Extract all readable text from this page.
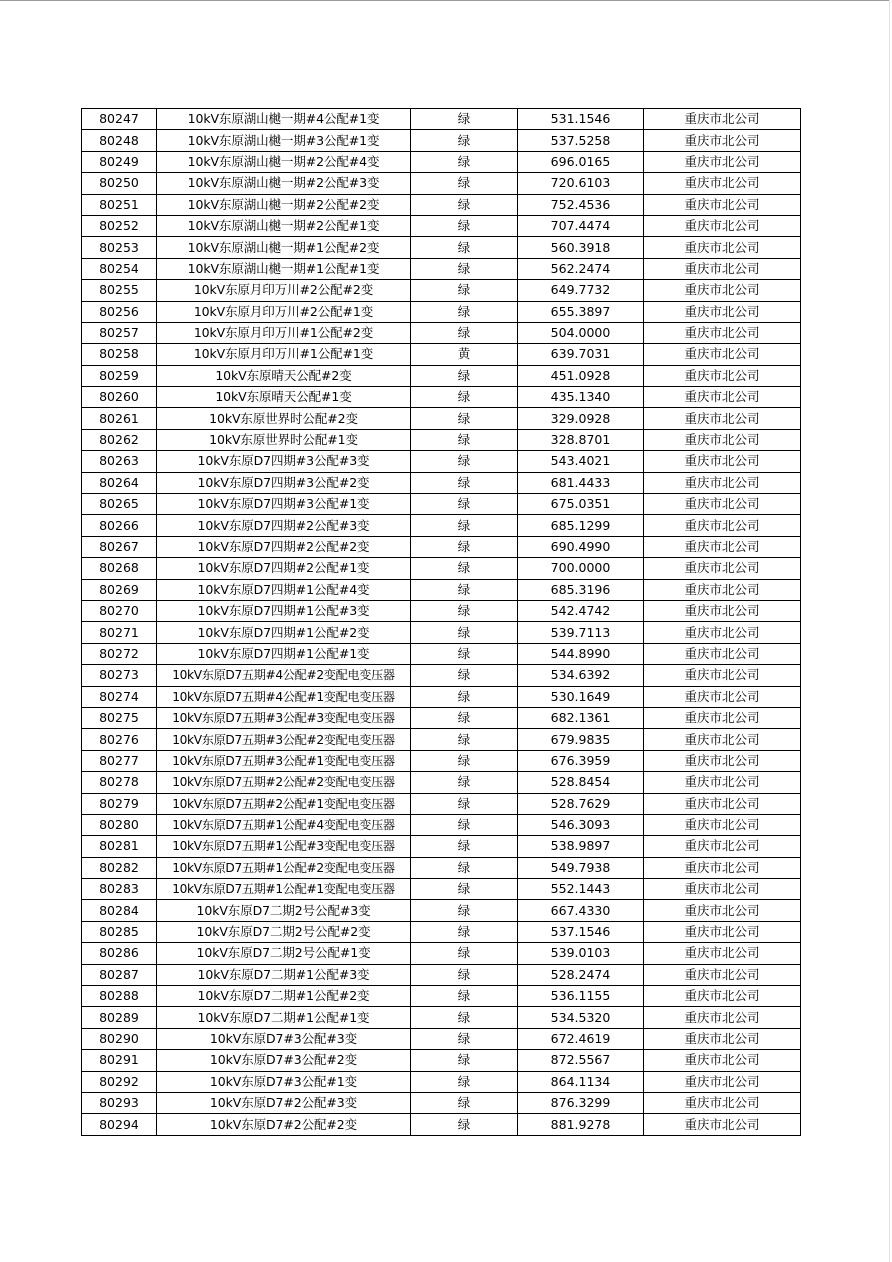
80247	10kV东原湖山樾一期#4公配#1变	绿	531.1546	重庆市北公司
80248	10kV东原湖山樾一期#3公配#1变	绿	537.5258	重庆市北公司
80249	10kV东原湖山樾一期#2公配#4变	绿	696.0165	重庆市北公司
80250	10kV东原湖山樾一期#2公配#3变	绿	720.6103	重庆市北公司
80251	10kV东原湖山樾一期#2公配#2变	绿	752.4536	重庆市北公司
80252	10kV东原湖山樾一期#2公配#1变	绿	707.4474	重庆市北公司
80253	10kV东原湖山樾一期#1公配#2变	绿	560.3918	重庆市北公司
80254	10kV东原湖山樾一期#1公配#1变	绿	562.2474	重庆市北公司
80255	10kV东原月印万川#2公配#2变	绿	649.7732	重庆市北公司
80256	10kV东原月印万川#2公配#1变	绿	655.3897	重庆市北公司
80257	10kV东原月印万川#1公配#2变	绿	504.0000	重庆市北公司
80258	10kV东原月印万川#1公配#1变	黄	639.7031	重庆市北公司
80259	10kV东原晴天公配#2变	绿	451.0928	重庆市北公司
80260	10kV东原晴天公配#1变	绿	435.1340	重庆市北公司
80261	10kV东原世界时公配#2变	绿	329.0928	重庆市北公司
80262	10kV东原世界时公配#1变	绿	328.8701	重庆市北公司
80263	10kV东原D7四期#3公配#3变	绿	543.4021	重庆市北公司
80264	10kV东原D7四期#3公配#2变	绿	681.4433	重庆市北公司
80265	10kV东原D7四期#3公配#1变	绿	675.0351	重庆市北公司
80266	10kV东原D7四期#2公配#3变	绿	685.1299	重庆市北公司
80267	10kV东原D7四期#2公配#2变	绿	690.4990	重庆市北公司
80268	10kV东原D7四期#2公配#1变	绿	700.0000	重庆市北公司
80269	10kV东原D7四期#1公配#4变	绿	685.3196	重庆市北公司
80270	10kV东原D7四期#1公配#3变	绿	542.4742	重庆市北公司
80271	10kV东原D7四期#1公配#2变	绿	539.7113	重庆市北公司
80272	10kV东原D7四期#1公配#1变	绿	544.8990	重庆市北公司
80273	10kV东原D7五期#4公配#2变配电变压器	绿	534.6392	重庆市北公司
80274	10kV东原D7五期#4公配#1变配电变压器	绿	530.1649	重庆市北公司
80275	10kV东原D7五期#3公配#3变配电变压器	绿	682.1361	重庆市北公司
80276	10kV东原D7五期#3公配#2变配电变压器	绿	679.9835	重庆市北公司
80277	10kV东原D7五期#3公配#1变配电变压器	绿	676.3959	重庆市北公司
80278	10kV东原D7五期#2公配#2变配电变压器	绿	528.8454	重庆市北公司
80279	10kV东原D7五期#2公配#1变配电变压器	绿	528.7629	重庆市北公司
80280	10kV东原D7五期#1公配#4变配电变压器	绿	546.3093	重庆市北公司
80281	10kV东原D7五期#1公配#3变配电变压器	绿	538.9897	重庆市北公司
80282	10kV东原D7五期#1公配#2变配电变压器	绿	549.7938	重庆市北公司
80283	10kV东原D7五期#1公配#1变配电变压器	绿	552.1443	重庆市北公司
80284	10kV东原D7二期2号公配#3变	绿	667.4330	重庆市北公司
80285	10kV东原D7二期2号公配#2变	绿	537.1546	重庆市北公司
80286	10kV东原D7二期2号公配#1变	绿	539.0103	重庆市北公司
80287	10kV东原D7二期#1公配#3变	绿	528.2474	重庆市北公司
80288	10kV东原D7二期#1公配#2变	绿	536.1155	重庆市北公司
80289	10kV东原D7二期#1公配#1变	绿	534.5320	重庆市北公司
80290	10kV东原D7#3公配#3变	绿	672.4619	重庆市北公司
80291	10kV东原D7#3公配#2变	绿	872.5567	重庆市北公司
80292	10kV东原D7#3公配#1变	绿	864.1134	重庆市北公司
80293	10kV东原D7#2公配#3变	绿	876.3299	重庆市北公司
80294	10kV东原D7#2公配#2变	绿	881.9278	重庆市北公司
